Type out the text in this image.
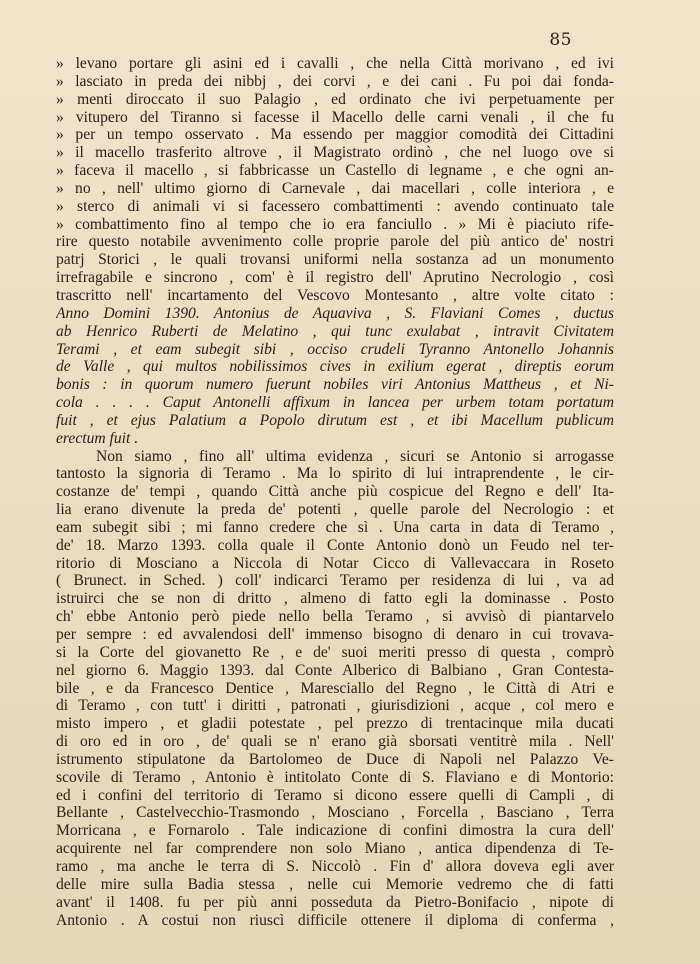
85
» levano portare gli asini ed i cavalli , che nella Città morivano , ed ivi
» lasciato in preda dei nibbj , dei corvi , e dei cani . Fu poi dai fonda-
» menti diroccato il suo Palagio , ed ordinato che ivi perpetuamente per
» vitupero del Tiranno si facesse il Macello delle carni venali , il che fu
» per un tempo osservato . Ma essendo per maggior comodità dei Cittadini
» il macello trasferito altrove , il Magistrato ordinò , che nel luogo ove si
» faceva il macello , si fabbricasse un Castello di legname , e che ogni an-
» no , nell' ultimo giorno di Carnevale , dai macellari , colle interiora , e
» sterco di animali vi si facessero combattimenti : avendo continuato tale
» combattimento fino al tempo che io era fanciullo . » Mi è piaciuto rife-
rire questo notabile avvenimento colle proprie parole del più antico de' nostri
patrj Storici , le quali trovansi uniformi nella sostanza ad un monumento
irrefragabile e sincrono , com' è il registro dell' Aprutino Necrologio , così
trascritto nell' incartamento del Vescovo Montesanto , altre volte citato :
Anno Domini 1390. Antonius de Aquaviva , S. Flaviani Comes , ductus
ab Henrico Ruberti de Melatino , qui tunc exulabat , intravit Civitatem
Terami , et eam subegit sibi , occiso crudeli Tyranno Antonello Johannis
de Valle , qui multos nobilissimos cives in exilium egerat , direptis eorum
bonis : in quorum numero fuerunt nobiles viri Antonius Mattheus , et Ni-
cola . . . . Caput Antonelli affixum in lancea per urbem totam portatum
fuit , et ejus Palatium a Popolo dirutum est , et ibi Macellum publicum
erectum fuit .
Non siamo , fino all' ultima evidenza , sicuri se Antonio si arrogasse
tantosto la signoria di Teramo . Ma lo spirito di lui intraprendente , le cir-
costanze de' tempi , quando Città anche più cospicue del Regno e dell' Ita-
lia erano divenute la preda de' potenti , quelle parole del Necrologio : et
eam subegit sibi ; mi fanno credere che sì . Una carta in data di Teramo ,
de' 18. Marzo 1393. colla quale il Conte Antonio donò un Feudo nel ter-
ritorio di Mosciano a Niccola di Notar Cicco di Vallevaccara in Roseto
( Brunect. in Sched. ) coll' indicarci Teramo per residenza di lui , va ad
istruirci che se non di dritto , almeno di fatto egli la dominasse . Posto
ch' ebbe Antonio però piede nello bella Teramo , si avvisò di piantarvelo
per sempre : ed avvalendosi dell' immenso bisogno di denaro in cui trovava-
si la Corte del giovanetto Re , e de' suoi meriti presso di questa , comprò
nel giorno 6. Maggio 1393. dal Conte Alberico di Balbiano , Gran Contesta-
bile , e da Francesco Dentice , Maresciallo del Regno , le Città di Atri e
di Teramo , con tutt' i diritti , patronati , giurisdizioni , acque , col mero e
misto impero , et gladii potestate , pel prezzo di trentacinque mila ducati
di oro ed in oro , de' quali se n' erano già sborsati ventitrè mila . Nell'
istrumento stipulatone da Bartolomeo de Duce di Napoli nel Palazzo Ve-
scovile di Teramo , Antonio è intitolato Conte di S. Flaviano e di Montorio:
ed i confini del territorio di Teramo si dicono essere quelli di Campli , di
Bellante , Castelvecchio-Trasmondo , Mosciano , Forcella , Basciano , Terra
Morricana , e Fornarolo . Tale indicazione di confini dimostra la cura dell'
acquirente nel far comprendere non solo Miano , antica dipendenza di Te-
ramo , ma anche le terra di S. Niccolò . Fin d' allora doveva egli aver
delle mire sulla Badia stessa , nelle cui Memorie vedremo che di fatti
avant' il 1408. fu per più anni posseduta da Pietro-Bonifacio , nipote di
Antonio . A costui non riuscì difficile ottenere il diploma di conferma ,
